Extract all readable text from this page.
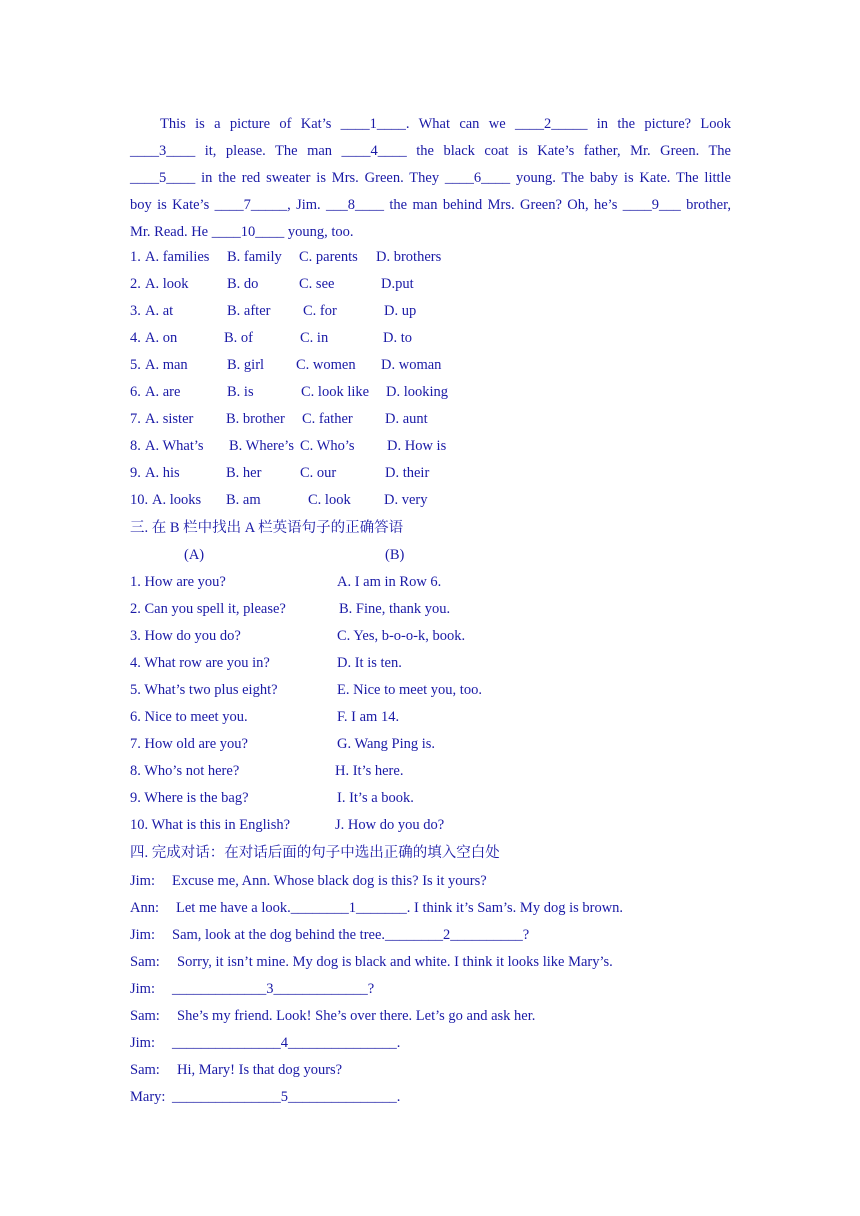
This is a picture of Kat’s ____1____. What can we ____2_____ in the picture? Look
____3____ it, please. The man ____4____ the black coat is Kate’s father, Mr. Green. The
____5____ in the red sweater is Mrs. Green. They ____6____ young. The baby is Kate. The little
boy is Kate’s ____7_____, Jim. ___8____ the man behind Mrs. Green? Oh, he’s ____9___ brother,
Mr. Read. He ____10____ young, too.
1. A. families B. family C. parents D. brothers
2. A. look	B. do	C. see	D.put
3. A. at	B. after C. for	D. up
4. A. on	B. of	C. in	D. to
5. A. man	B. girl C. women D. woman
6. A. are	B. is	C. look like D. looking
7. A. sister B. brother C. father D. aunt
8. A. What’s B. Where’s C. Who’s D. How is
9. A. his	B. her	C. our	D. their
10. A. looks B. am	C. look D. very
三. 在 B 栏中找出 A 栏英语句子的正确答语
(A)	(B)
1. How are you?	A. I am in Row 6.
2. Can you spell it, please?	B. Fine, thank you.
3. How do you do?	C. Yes, b-o-o-k, book.
4. What row are you in?	D. It is ten.
5. What’s two plus eight?	E. Nice to meet you, too.
6. Nice to meet you.	F. I am 14.
7. How old are you?	G. Wang Ping is.
8. Who’s not here?	H. It’s here.
9. Where is the bag?	I. It’s a book.
10. What is this in English?	J. How do you do?
四. 完成对话：在对话后面的句子中选出正确的填入空白处
Jim: Excuse me, Ann. Whose black dog is this? Is it yours?
Ann: Let me have a look.________1_______. I think it’s Sam’s. My dog is brown.
Jim: Sam, look at the dog behind the tree.________2__________?
Sam: Sorry, it isn’t mine. My dog is black and white. I think it looks like Mary’s.
Jim: _____________3_____________?
Sam: She’s my friend. Look! She’s over there. Let’s go and ask her.
Jim: _______________4_______________.
Sam: Hi, Mary! Is that dog yours?
Mary: _______________5_______________.
